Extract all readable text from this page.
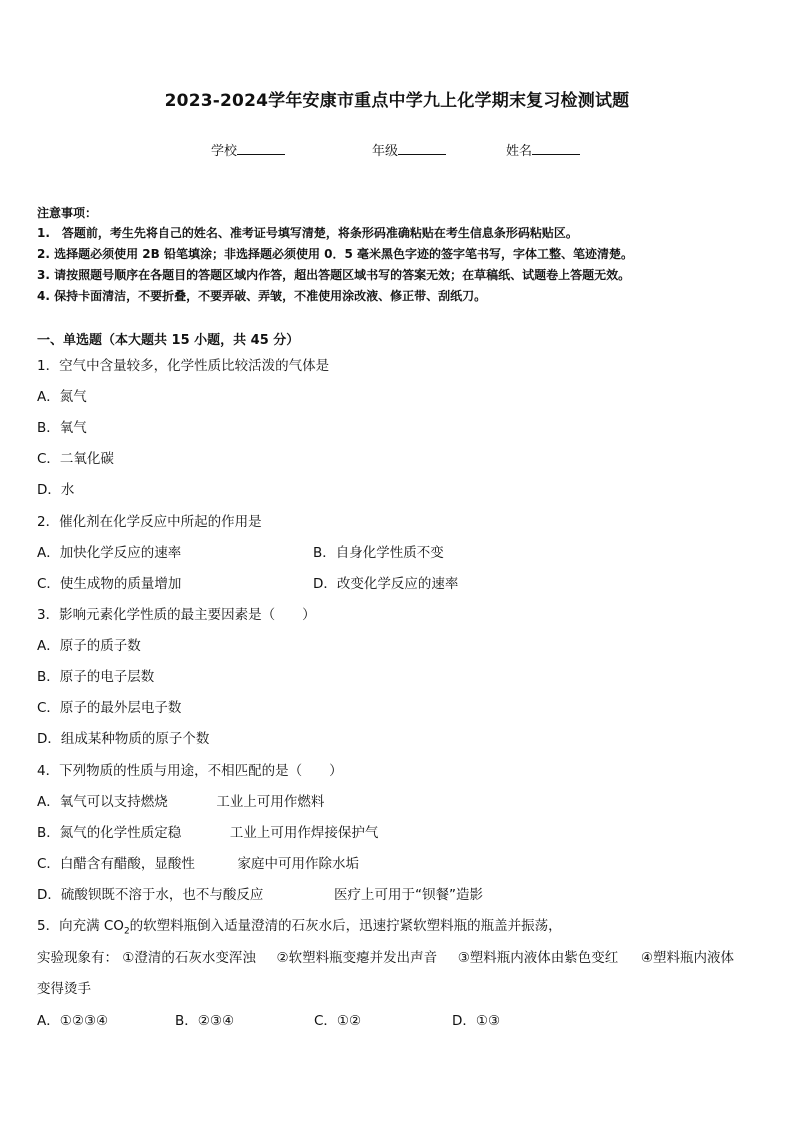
2023-2024学年安康市重点中学九上化学期末复习检测试题
学校	年级	姓名
注意事项：
1.　答题前，考生先将自己的姓名、准考证号填写清楚，将条形码准确粘贴在考生信息条形码粘贴区。
2. 选择题必须使用 2B 铅笔填涂；非选择题必须使用 0．5 毫米黑色字迹的签字笔书写，字体工整、笔迹清楚。
3. 请按照题号顺序在各题目的答题区域内作答，超出答题区域书写的答案无效；在草稿纸、试题卷上答题无效。
4. 保持卡面清洁，不要折叠，不要弄破、弄皱，不准使用涂改液、修正带、刮纸刀。
一、单选题（本大题共 15 小题，共 45 分）
1．空气中含量较多，化学性质比较活泼的气体是
A．氮气
B．氧气
C．二氧化碳
D．水
2．催化剂在化学反应中所起的作用是
A．加快化学反应的速率	B．自身化学性质不变
C．使生成物的质量增加	D．改变化学反应的速率
3．影响元素化学性质的最主要因素是（　　）
A．原子的质子数
B．原子的电子层数
C．原子的最外层电子数
D．组成某种物质的原子个数
4．下列物质的性质与用途，不相匹配的是（　　）
A．氧气可以支持燃烧	工业上可用作燃料
B．氮气的化学性质定稳	工业上可用作焊接保护气
C．白醋含有醋酸，显酸性	家庭中可用作除水垢
D．硫酸钡既不溶于水，也不与酸反应	医疗上可用于“钡餐”造影
5．向充满 $CO_2$的软塑料瓶倒入适量澄清的石灰水后，迅速拧紧软塑料瓶的瓶盖并振荡，
实验现象有： ①澄清的石灰水变浑浊 ②软塑料瓶变瘪并发出声音 ③塑料瓶内液体由紫色变红 ④塑料瓶内液体
变得烫手
A．①②③④	B．②③④	C．①②	D．①③
